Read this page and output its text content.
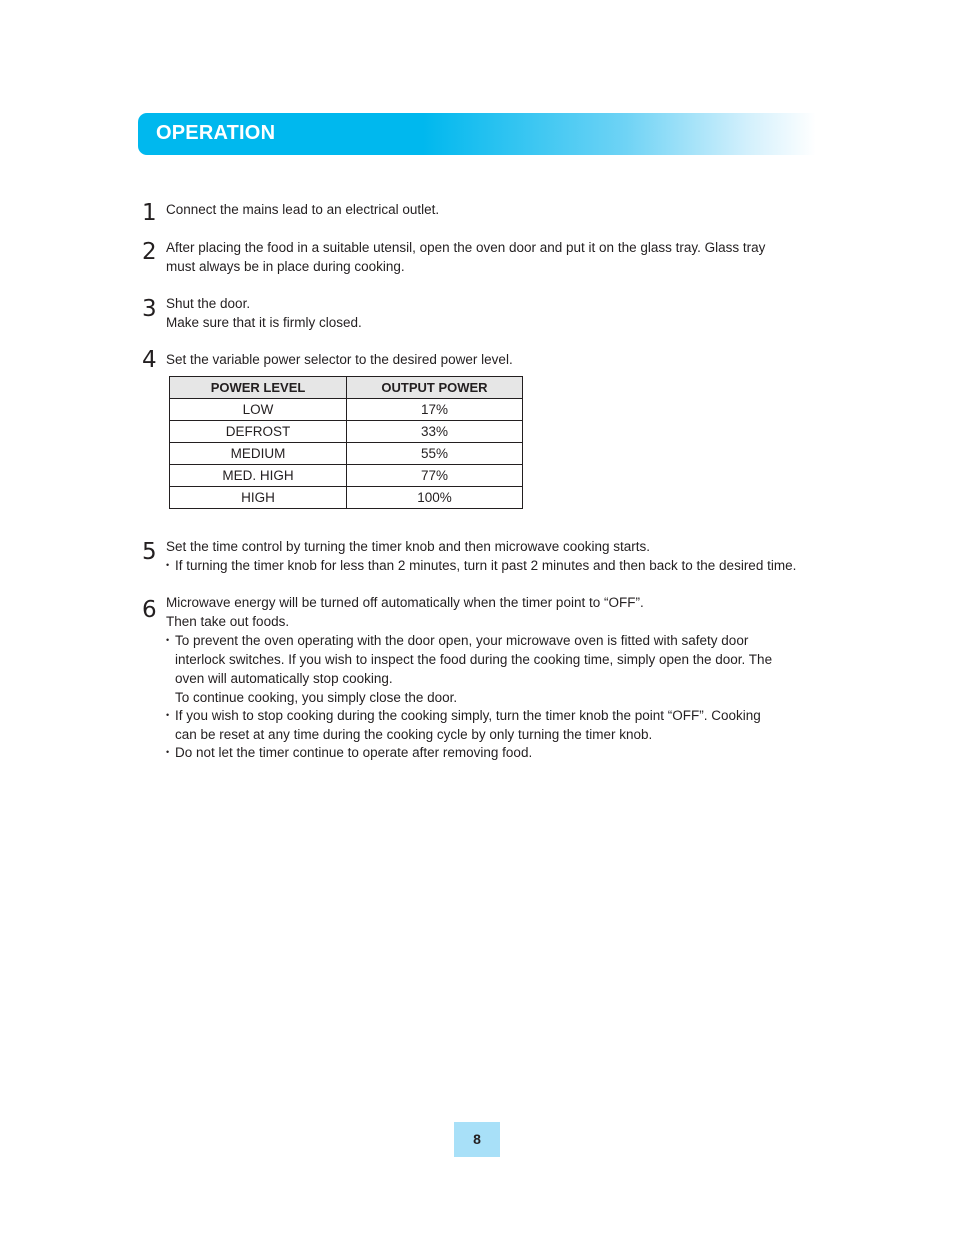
OPERATION
1 Connect the mains lead to an electrical outlet.
2 After placing the food in a suitable utensil, open the oven door and put it on the glass tray. Glass tray
must always be in place during cooking.
3 Shut the door.
Make sure that it is firmly closed.
4 Set the variable power selector to the desired power level.
POWER LEVEL	OUTPUT POWER
LOW	17%
DEFROST	33%
MEDIUM	55%
MED. HIGH	77%
HIGH	100%
5 Set the time control by turning the timer knob and then microwave cooking starts.
• If turning the timer knob for less than 2 minutes, turn it past 2 minutes and then back to the desired time.
6 Microwave energy will be turned off automatically when the timer point to “OFF”.
Then take out foods.
• To prevent the oven operating with the door open, your microwave oven is fitted with safety door
interlock switches. If you wish to inspect the food during the cooking time, simply open the door. The
oven will automatically stop cooking.
To continue cooking, you simply close the door.
• If you wish to stop cooking during the cooking simply, turn the timer knob the point “OFF”. Cooking
can be reset at any time during the cooking cycle by only turning the timer knob.
• Do not let the timer continue to operate after removing food.
8
